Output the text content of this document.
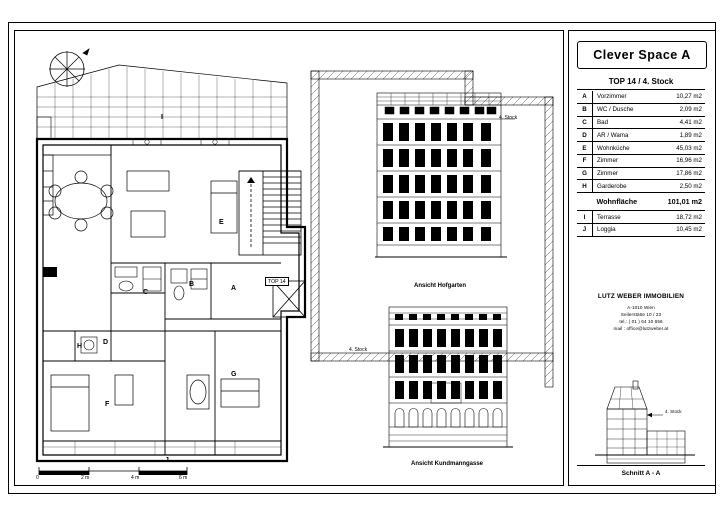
I
E
A
B
C
D
H
F
G
J
TOP 14
0	2 m	4 m	6 m
4. Stock
Ansicht Hofgarten
4. Stock
Ansicht Kundmanngasse
Clever Space A
TOP 14 / 4. Stock
A	Vorzimmer	10,27 m2
B	WC / Dusche	2,09 m2
C	Bad	4,41 m2
D	AR / Wama	1,89 m2
E	Wohnküche	45,03 m2
F	Zimmer	16,96 m2
G	Zimmer	17,86 m2
H	Garderobe	2,50 m2
	Wohnfläche	101,01 m2
I	Terrasse	18,72 m2
J	Loggia	10,45 m2
LUTZ WEBER IMMOBILIEN
A-1010 Wien
Seilerstätte 10 / 23
tel.: ( 01 ) 64 10 656
mail : office@lutzweber.at
4. Stock
Schnitt A - A
